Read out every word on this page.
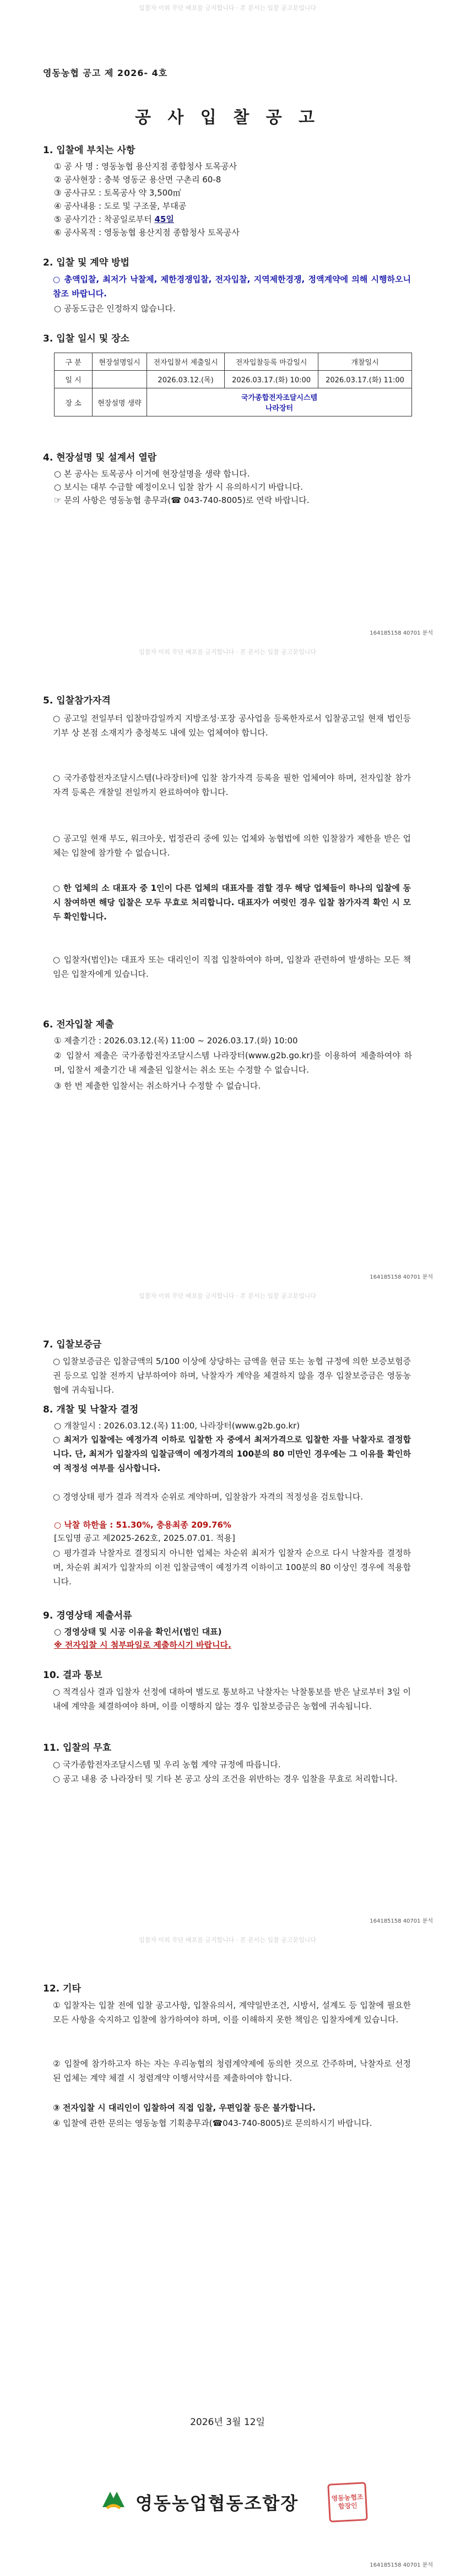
입찰자 이외 무단 배포를 금지합니다 · 본 문서는 입찰 공고문입니다
영동농협 공고 제 2026- 4호
공 사 입 찰 공 고
1. 입찰에 부치는 사항
① 공 사 명 : 영동농협 용산지점 종합청사 토목공사
② 공사현장 : 충북 영동군 용산면 구촌리 60-8
③ 공사규모 : 토목공사 약 3,500㎡
④ 공사내용 : 도로 및 구조물, 부대공
⑤ 공사기간 : 착공일로부터 45일
⑥ 공사목적 : 영동농협 용산지점 종합청사 토목공사
2. 입찰 및 계약 방법
○ 총액입찰, 최저가 낙찰제, 제한경쟁입찰, 전자입찰, 지역제한경쟁, 정액계약에 의해 시행하오니 참조 바랍니다.
○ 공동도급은 인정하지 않습니다.
3. 입찰 일시 및 장소
구 분	현장설명일시	전자입찰서 제출일시	전자입찰등록 마감일시	개찰일시
일 시		2026.03.12.(목)	2026.03.17.(화) 10:00	2026.03.17.(화) 11:00
장 소	현장설명 생략	국가종합전자조달시스템
나라장터		
4. 현장설명 및 설계서 열람
○ 본 공사는 토목공사 이거에 현장설명을 생략 합니다.
○ 보시는 대부 수급할 예정이오니 입찰 참가 시 유의하시기 바랍니다.
☞ 문의 사항은 영동농협 총무과(☎ 043-740-8005)로 연락 바랍니다.
164185158 40701 분석
입찰자 이외 무단 배포를 금지합니다 · 본 문서는 입찰 공고문입니다
5. 입찰참가자격
○ 공고일 전일부터 입찰마감일까지 지방조성·포장 공사업을 등록한자로서 입찰공고일 현재 법인등기부 상 본점 소재지가 충청북도 내에 있는 업체여야 합니다.
○ 국가종합전자조달시스템(나라장터)에 입찰 참가자격 등록을 필한 업체여야 하며, 전자입찰 참가자격 등록은 개찰일 전일까지 완료하여야 합니다.
○ 공고일 현재 부도, 워크아웃, 법정관리 중에 있는 업체와 농협법에 의한 입찰참가 제한을 받은 업체는 입찰에 참가할 수 없습니다.
○ 한 업체의 소 대표자 중 1인이 다른 업체의 대표자를 겸할 경우 해당 업체들이 하나의 입찰에 동시 참여하면 해당 입찰은 모두 무효로 처리합니다. 대표자가 여럿인 경우 입찰 참가자격 확인 시 모두 확인합니다.
○ 입찰자(법인)는 대표자 또는 대리인이 직접 입찰하여야 하며, 입찰과 관련하여 발생하는 모든 책임은 입찰자에게 있습니다.
6. 전자입찰 제출
① 제출기간 : 2026.03.12.(목) 11:00 ~ 2026.03.17.(화) 10:00
② 입찰서 제출은 국가종합전자조달시스템 나라장터(www.g2b.go.kr)를 이용하여 제출하여야 하며, 입찰서 제출기간 내 제출된 입찰서는 취소 또는 수정할 수 없습니다.
③ 한 번 제출한 입찰서는 취소하거나 수정할 수 없습니다.
164185158 40701 분석
입찰자 이외 무단 배포를 금지합니다 · 본 문서는 입찰 공고문입니다
7. 입찰보증금
○ 입찰보증금은 입찰금액의 5/100 이상에 상당하는 금액을 현금 또는 농협 규정에 의한 보증보험증권 등으로 입찰 전까지 납부하여야 하며, 낙찰자가 계약을 체결하지 않을 경우 입찰보증금은 영동농협에 귀속됩니다.
8. 개찰 및 낙찰자 결정
○ 개찰일시 : 2026.03.12.(목) 11:00, 나라장터(www.g2b.go.kr)
○ 최저가 입찰에는 예정가격 이하로 입찰한 자 중에서 최저가격으로 입찰한 자를 낙찰자로 결정합니다. 단, 최저가 입찰자의 입찰금액이 예정가격의 100분의 80 미만인 경우에는 그 이유를 확인하여 적정성 여부를 심사합니다.
○ 경영상태 평가 결과 적격자 순위로 계약하며, 입찰참가 자격의 적정성을 검토합니다.
○ 낙찰 하한율 : 51.30%, 충용최종 209.76%
[도입명 공고 제2025-262호, 2025.07.01. 적용]
○ 평가결과 낙찰자로 결정되지 아니한 업체는 차순위 최저가 입찰자 순으로 다시 낙찰자를 결정하며, 차순위 최저가 입찰자의 이전 입찰금액이 예정가격 이하이고 100분의 80 이상인 경우에 적용합니다.
9. 경영상태 제출서류
○ 경영상태 및 시공 이유을 확인서(법인 대표)
※ 전자입찰 시 첨부파일로 제출하시기 바랍니다.
10. 결과 통보
○ 적격심사 결과 입찰자 선정에 대하여 별도로 통보하고 낙찰자는 낙찰통보를 받은 날로부터 3일 이내에 계약을 체결하여야 하며, 이를 이행하지 않는 경우 입찰보증금은 농협에 귀속됩니다.
11. 입찰의 무효
○ 국가종합전자조달시스템 및 우리 농협 계약 규정에 따릅니다.
○ 공고 내용 중 나라장터 및 기타 본 공고 상의 조건을 위반하는 경우 입찰을 무효로 처리합니다.
164185158 40701 분석
입찰자 이외 무단 배포를 금지합니다 · 본 문서는 입찰 공고문입니다
12. 기타
① 입찰자는 입찰 전에 입찰 공고사항, 입찰유의서, 계약일반조건, 시방서, 설계도 등 입찰에 필요한 모든 사항을 숙지하고 입찰에 참가하여야 하며, 이를 이해하지 못한 책임은 입찰자에게 있습니다.
② 입찰에 참가하고자 하는 자는 우리농협의 청렴계약제에 동의한 것으로 간주하며, 낙찰자로 선정된 업체는 계약 체결 시 청렴계약 이행서약서를 제출하여야 합니다.
③ 전자입찰 시 대리인이 입찰하여 직접 입찰, 우편입찰 등은 불가합니다.
④ 입찰에 관한 문의는 영동농협 기획총무과(☎043-740-8005)로 문의하시기 바랍니다.
2026년 3월 12일
영동농업협동조합장	영동농협조합장인
164185158 40701 분석
